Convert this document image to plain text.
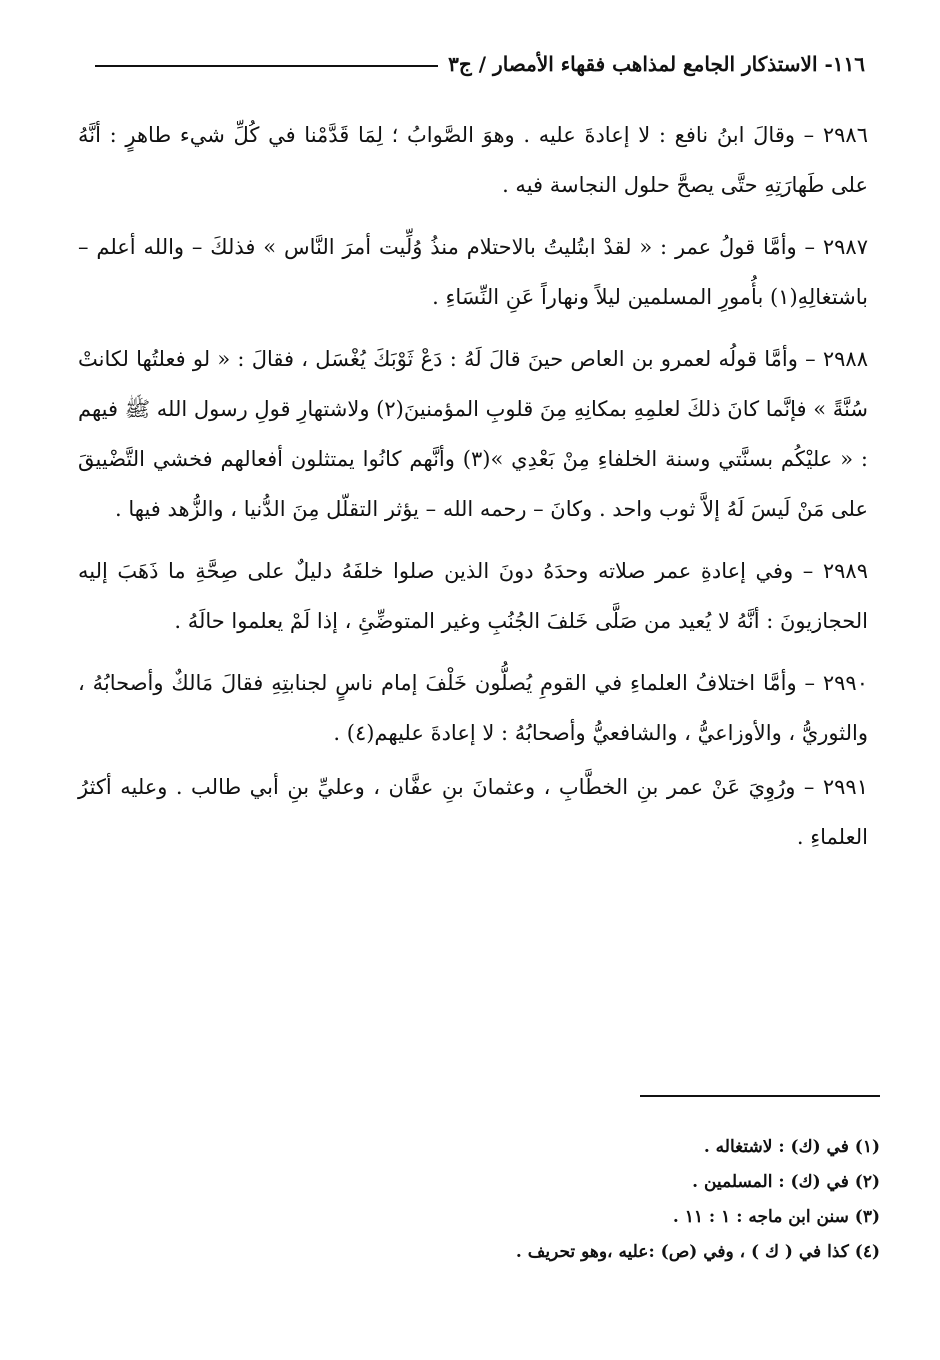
١١٦- الاستذكار الجامع لمذاهب فقهاء الأمصار / ج٣

٢٩٨٦ – وقالَ ابنُ نافع : لا إعادةَ عليه . وهوَ الصَّوابُ ؛ لِمَا قَدَّمْنا في كُلِّ شيء طاهرٍ : أنَّهُ على طَهارَتِهِ حتَّى يصحَّ حلول النجاسة فيه .

٢٩٨٧ – وأمَّا قولُ عمر : « لقدْ ابتُليتُ بالاحتلام منذُ وُلِّيت أمرَ النَّاس » فذلكَ – والله أعلم – باشتغالِهِ(١) بأُمورِ المسلمين ليلاً ونهاراً عَنِ النِّسَاءِ .

٢٩٨٨ – وأمَّا قولُه لعمرو بن العاص حينَ قالَ لَهُ : دَعْ ثَوْبَكَ يُغْسَل ، فقالَ : « لو فعلتُها لكانتْ سُنَّةً » فإنَّما كانَ ذلكَ لعلمِهِ بمكانِهِ مِنَ قلوبِ المؤمنينَ(٢) ولاشتهارِ قولِ رسول الله ﷺ فيهم : « عليْكُم بسنَّتي وسنة الخلفاءِ مِنْ بَعْدِي »(٣) وأنَّهم كانُوا يمتثلون أفعالهم فخشي التَّضْييقَ على مَنْ لَيسَ لَهُ إلاَّ ثوب واحد . وكانَ – رحمه الله – يؤثر التقلّل مِنَ الدُّنيا ، والزُّهد فيها .

٢٩٨٩ – وفي إعادةِ عمر صلاته وحدَهُ دونَ الذين صلوا خلفَهُ دليلٌ على صِحَّةِ ما ذَهَبَ إليه الحجازيونَ : أنَّهُ لا يُعيد من صَلَّى خَلفَ الجُنُبِ وغير المتوضِّئِ ، إذا لَمْ يعلموا حالَهُ .

٢٩٩٠ – وأمَّا اختلافُ العلماءِ في القومِ يُصلُّون خَلْفَ إمام ناسٍ لجنابتِهِ فقالَ مَالكٌ وأصحابُهُ ، والثوريُّ ، والأوزاعيُّ ، والشافعيُّ وأصحابُهُ : لا إعادةَ عليهم(٤) .

٢٩٩١ – ورُوِيَ عَنْ عمر بنِ الخطَّابِ ، وعثمانَ بنِ عفَّان ، وعليِّ بنِ أبي طالب . وعليه أكثرُ العلماءِ .

(١) في (ك) : لاشتغاله .

(٢) في (ك) : المسلمين .

(٣) سنن ابن ماجه : ١ : ١١ .

(٤) كذا في ( ك ) ، وفي (ص) :عليه ،وهو تحريف .
